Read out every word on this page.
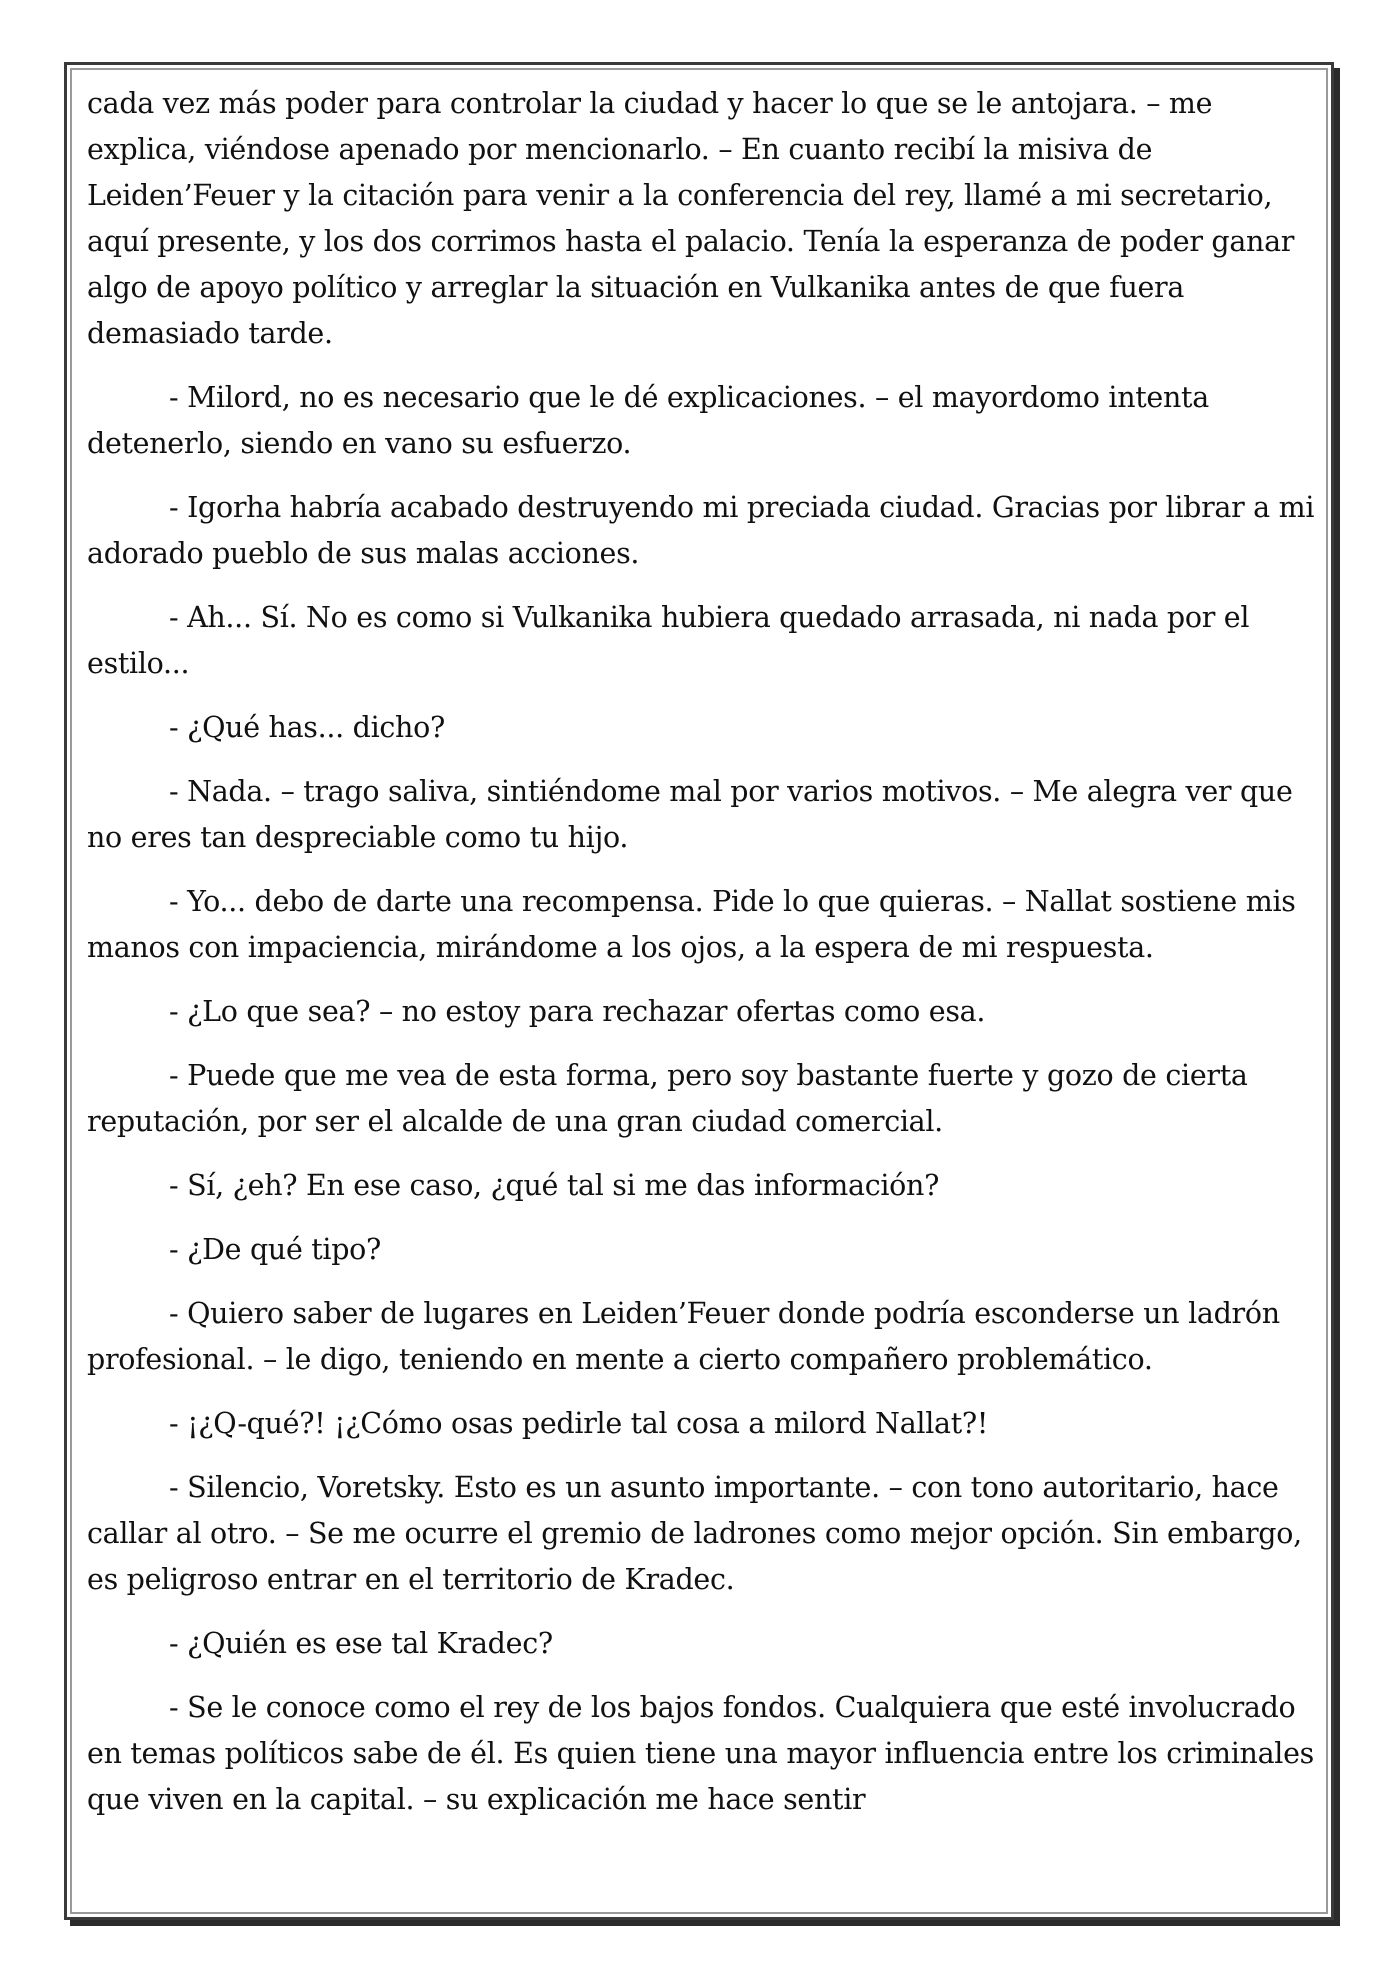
cada vez más poder para controlar la ciudad y hacer lo que se le antojara. – me explica, viéndose apenado por mencionarlo. – En cuanto recibí la misiva de Leiden’Feuer y la citación para venir a la conferencia del rey, llamé a mi secretario, aquí presente, y los dos corrimos hasta el palacio. Tenía la esperanza de poder ganar algo de apoyo político y arreglar la situación en Vulkanika antes de que fuera demasiado tarde.

- Milord, no es necesario que le dé explicaciones. – el mayordomo intenta detenerlo, siendo en vano su esfuerzo.

- Igorha habría acabado destruyendo mi preciada ciudad. Gracias por librar a mi adorado pueblo de sus malas acciones.

- Ah... Sí. No es como si Vulkanika hubiera quedado arrasada, ni nada por el estilo...

- ¿Qué has... dicho?

- Nada. – trago saliva, sintiéndome mal por varios motivos. – Me alegra ver que no eres tan despreciable como tu hijo.

- Yo... debo de darte una recompensa. Pide lo que quieras. – Nallat sostiene mis manos con impaciencia, mirándome a los ojos, a la espera de mi respuesta.

- ¿Lo que sea? – no estoy para rechazar ofertas como esa.

- Puede que me vea de esta forma, pero soy bastante fuerte y gozo de cierta reputación, por ser el alcalde de una gran ciudad comercial.

- Sí, ¿eh? En ese caso, ¿qué tal si me das información?

- ¿De qué tipo?

- Quiero saber de lugares en Leiden’Feuer donde podría esconderse un ladrón profesional. – le digo, teniendo en mente a cierto compañero problemático.

- ¡¿Q-qué?! ¡¿Cómo osas pedirle tal cosa a milord Nallat?!

- Silencio, Voretsky. Esto es un asunto importante. – con tono autoritario, hace callar al otro. – Se me ocurre el gremio de ladrones como mejor opción. Sin embargo, es peligroso entrar en el territorio de Kradec.

- ¿Quién es ese tal Kradec?

- Se le conoce como el rey de los bajos fondos. Cualquiera que esté involucrado en temas políticos sabe de él. Es quien tiene una mayor influencia entre los criminales que viven en la capital. – su explicación me hace sentir
